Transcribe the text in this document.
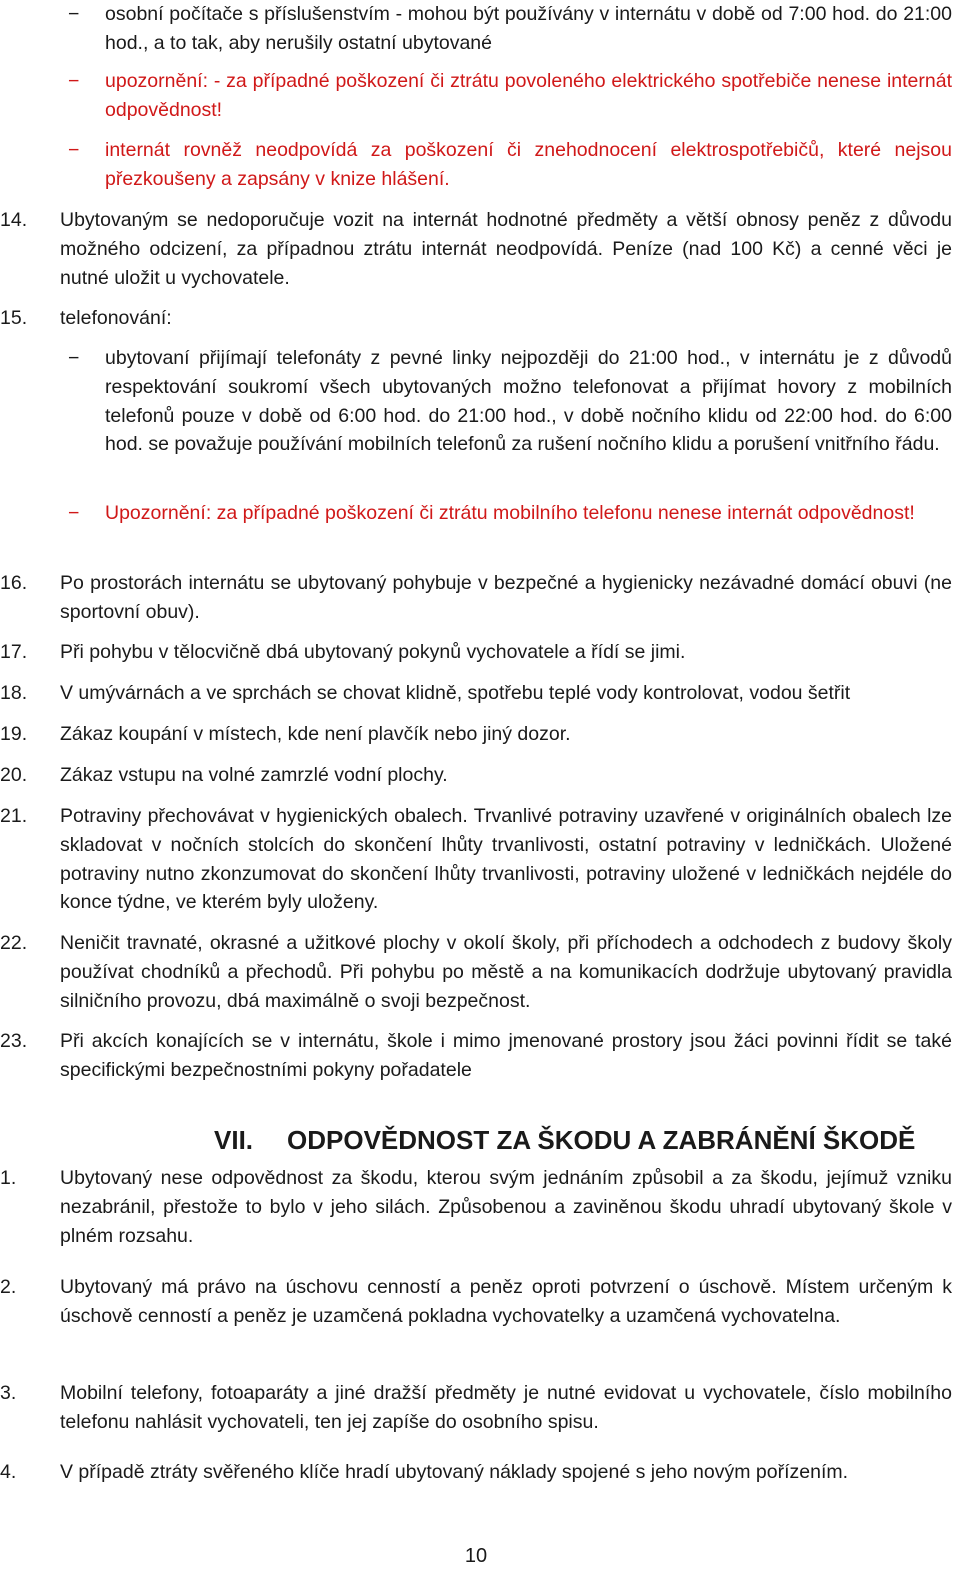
− osobní počítače s příslušenstvím - mohou být používány v internátu v době od 7:00 hod. do 21:00 hod., a to tak, aby nerušily ostatní ubytované
− upozornění: - za případné poškození či ztrátu povoleného elektrického spotřebiče nenese internát odpovědnost!
− internát rovněž neodpovídá za poškození či znehodnocení elektrospotřebičů, které nejsou přezkoušeny a zapsány v knize hlášení.
14. Ubytovaným se nedoporučuje vozit na internát hodnotné předměty a větší obnosy peněz z důvodu možného odcizení, za případnou ztrátu internát neodpovídá. Peníze (nad 100 Kč) a cenné věci je nutné uložit u vychovatele.
15. telefonování:
− ubytovaní přijímají telefonáty z pevné linky nejpozději do 21:00 hod., v internátu je z důvodů respektování soukromí všech ubytovaných možno telefonovat a přijímat hovory z mobilních telefonů pouze v době od 6:00 hod. do 21:00 hod., v době nočního klidu od 22:00 hod. do 6:00 hod. se považuje používání mobilních telefonů za rušení nočního klidu a porušení vnitřního řádu.
− Upozornění: za případné poškození či ztrátu mobilního telefonu nenese internát odpovědnost!
16. Po prostorách internátu se ubytovaný pohybuje v bezpečné a hygienicky nezávadné domácí obuvi (ne sportovní obuv).
17. Při pohybu v tělocvičně dbá ubytovaný pokynů vychovatele a řídí se jimi.
18. V umývárnách a ve sprchách se chovat klidně, spotřebu teplé vody kontrolovat, vodou šetřit
19. Zákaz koupání v místech, kde není plavčík nebo jiný dozor.
20. Zákaz vstupu na volné zamrzlé vodní plochy.
21. Potraviny přechovávat v hygienických obalech. Trvanlivé potraviny uzavřené v originálních obalech lze skladovat v nočních stolcích do skončení lhůty trvanlivosti, ostatní potraviny v ledničkách. Uložené potraviny nutno zkonzumovat do skončení lhůty trvanlivosti, potraviny uložené v ledničkách nejdéle do konce týdne, ve kterém byly uloženy.
22. Neničit travnaté, okrasné a užitkové plochy v okolí školy, při příchodech a odchodech z budovy školy používat chodníků a přechodů. Při pohybu po městě a na komunikacích dodržuje ubytovaný pravidla silničního provozu, dbá maximálně o svoji bezpečnost.
23. Při akcích konajících se v internátu, škole i mimo jmenované prostory jsou žáci povinni řídit se také specifickými bezpečnostními pokyny pořadatele
VII. ODPOVĚDNOST ZA ŠKODU A ZABRÁNĚNÍ ŠKODĚ
1. Ubytovaný nese odpovědnost za škodu, kterou svým jednáním způsobil a za škodu, jejímuž vzniku nezabránil, přestože to bylo v jeho silách. Způsobenou a zaviněnou škodu uhradí ubytovaný škole v plném rozsahu.
2. Ubytovaný má právo na úschovu cenností a peněz oproti potvrzení o úschově. Místem určeným k úschově cenností a peněz je uzamčená pokladna vychovatelky a uzamčená vychovatelna.
3. Mobilní telefony, fotoaparáty a jiné dražší předměty je nutné evidovat u vychovatele, číslo mobilního telefonu nahlásit vychovateli, ten jej zapíše do osobního spisu.
4. V případě ztráty svěřeného klíče hradí ubytovaný náklady spojené s jeho novým pořízením.
10
